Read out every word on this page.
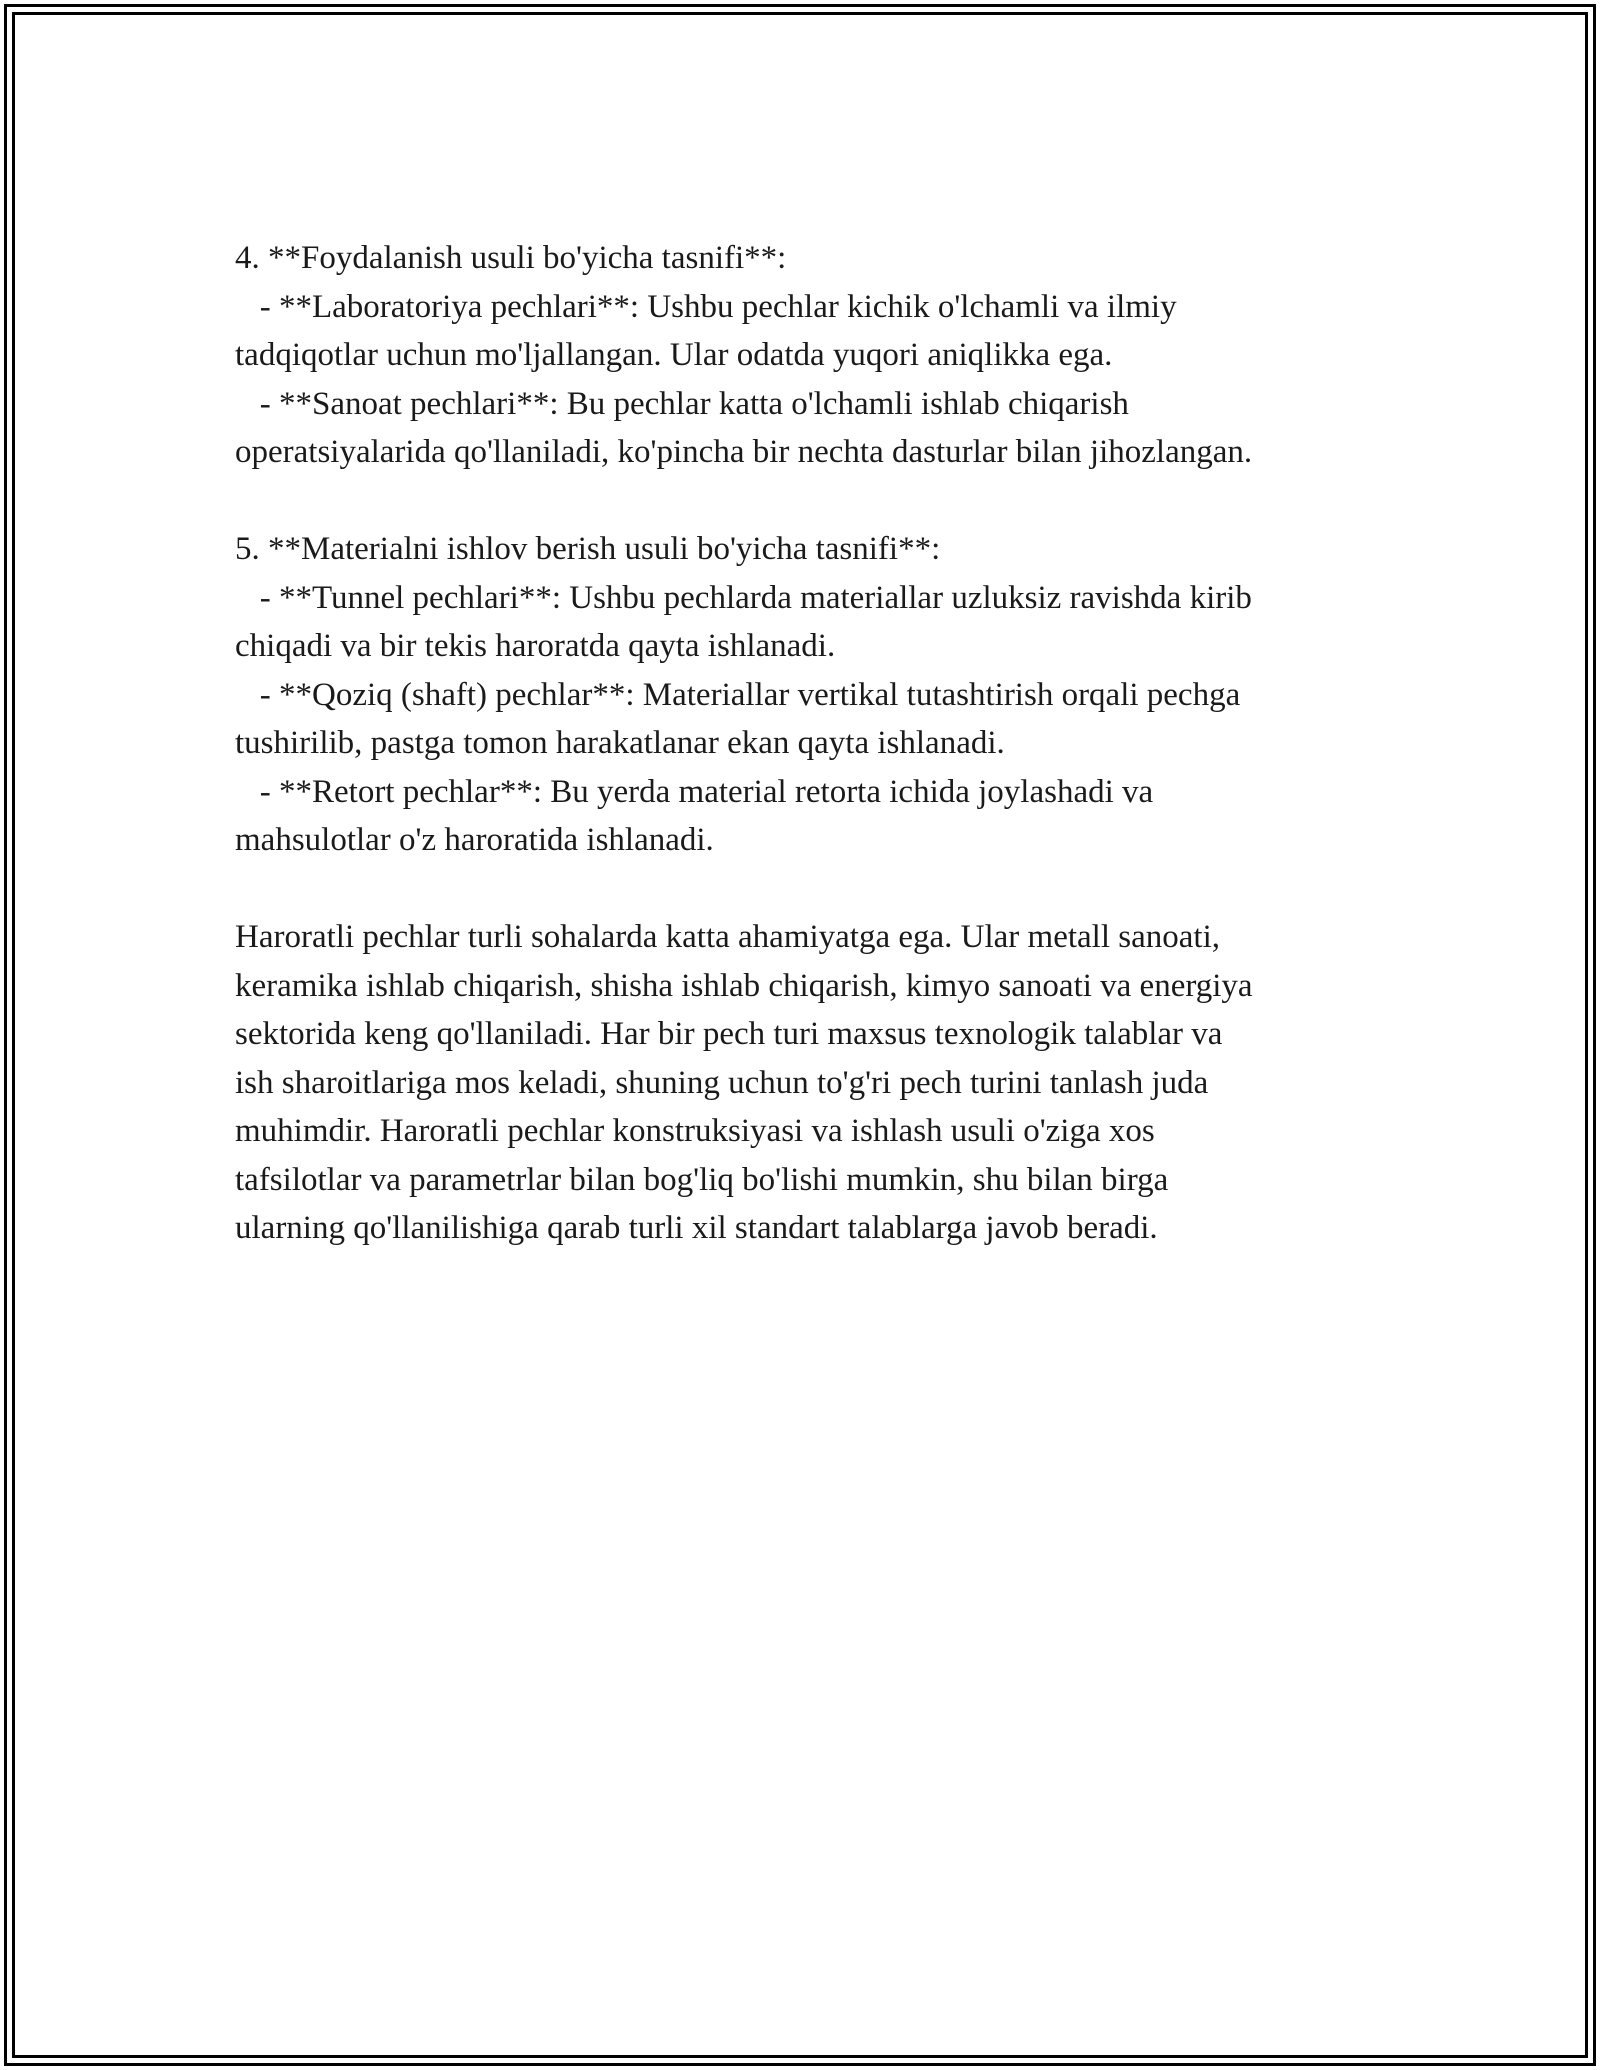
4. **Foydalanish usuli bo'yicha tasnifi**:
- **Laboratoriya pechlari**: Ushbu pechlar kichik o'lchamli va ilmiy
tadqiqotlar uchun mo'ljallangan. Ular odatda yuqori aniqlikka ega.
- **Sanoat pechlari**: Bu pechlar katta o'lchamli ishlab chiqarish
operatsiyalarida qo'llaniladi, ko'pincha bir nechta dasturlar bilan jihozlangan.
5. **Materialni ishlov berish usuli bo'yicha tasnifi**:
- **Tunnel pechlari**: Ushbu pechlarda materiallar uzluksiz ravishda kirib
chiqadi va bir tekis haroratda qayta ishlanadi.
- **Qoziq (shaft) pechlar**: Materiallar vertikal tutashtirish orqali pechga
tushirilib, pastga tomon harakatlanar ekan qayta ishlanadi.
- **Retort pechlar**: Bu yerda material retorta ichida joylashadi va
mahsulotlar o'z haroratida ishlanadi.
Haroratli pechlar turli sohalarda katta ahamiyatga ega. Ular metall sanoati,
keramika ishlab chiqarish, shisha ishlab chiqarish, kimyo sanoati va energiya
sektorida keng qo'llaniladi. Har bir pech turi maxsus texnologik talablar va
ish sharoitlariga mos keladi, shuning uchun to'g'ri pech turini tanlash juda
muhimdir. Haroratli pechlar konstruksiyasi va ishlash usuli o'ziga xos
tafsilotlar va parametrlar bilan bog'liq bo'lishi mumkin, shu bilan birga
ularning qo'llanilishiga qarab turli xil standart talablarga javob beradi.
